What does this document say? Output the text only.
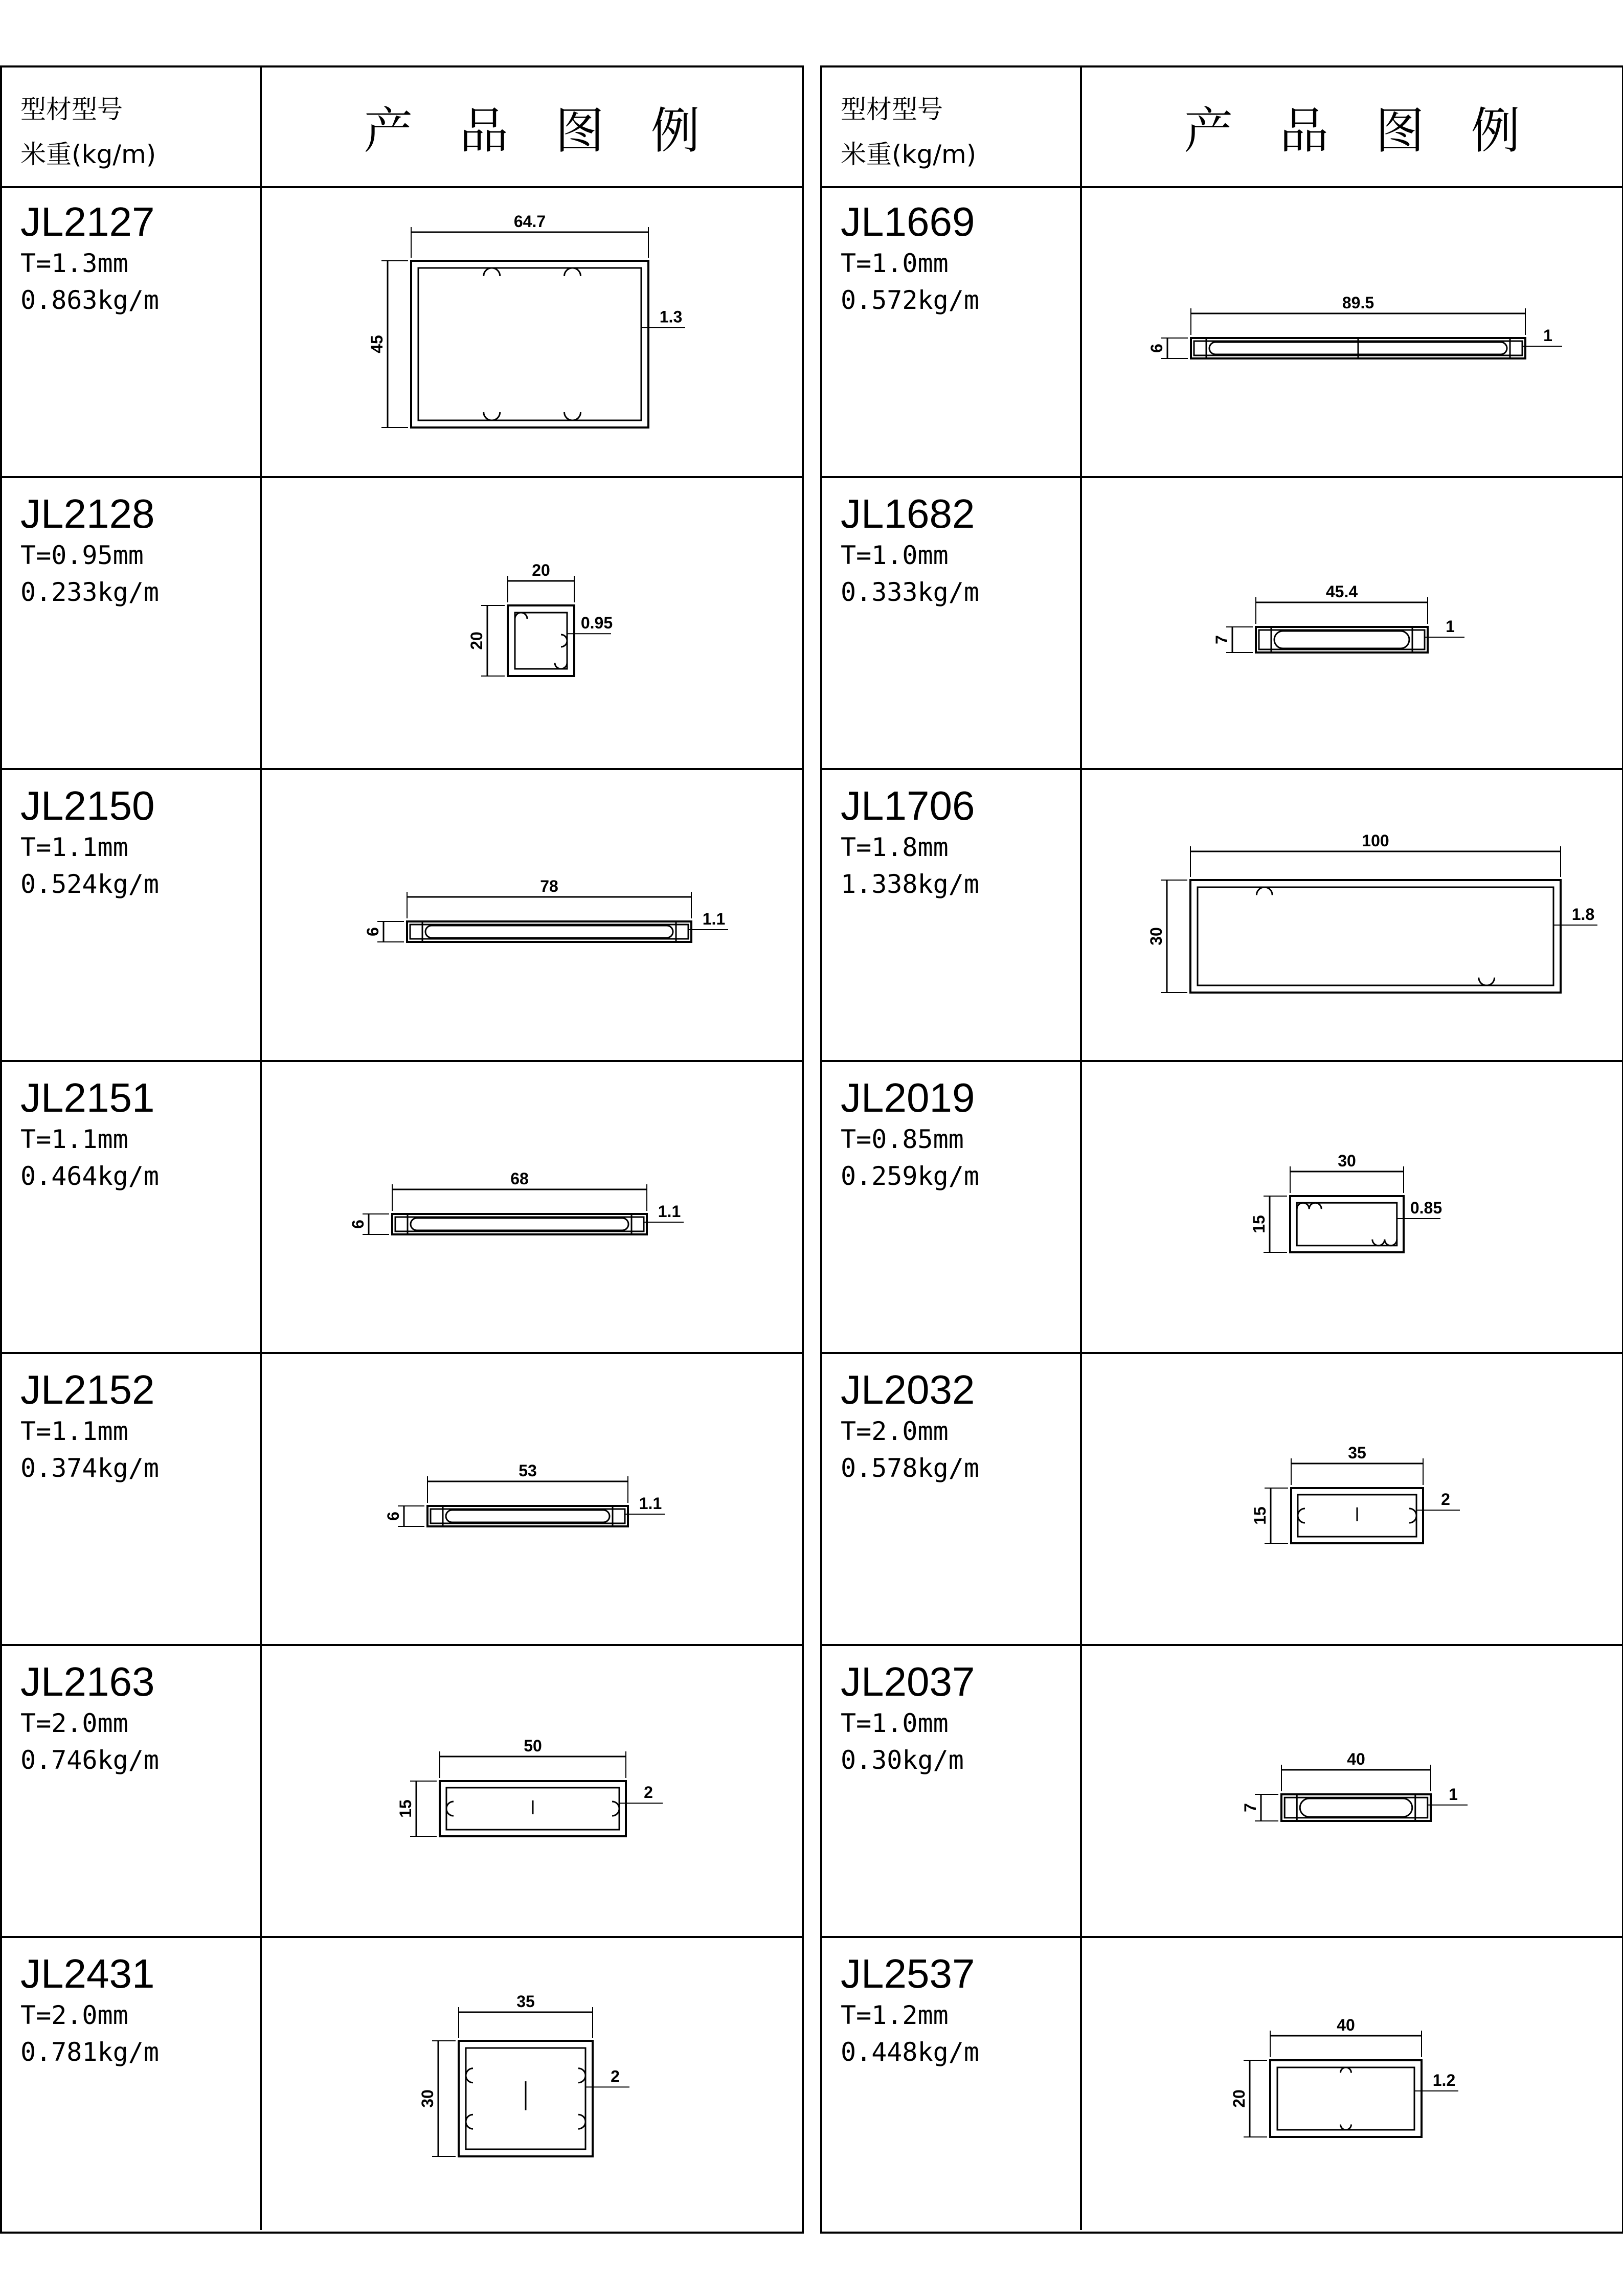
型材型号
米重(kg/m)	产品图例
JL2127
T=1.3mm
0.863kg/m
64.7
45
1.3
JL2128
T=0.95mm
0.233kg/m
20
20
0.95
JL2150
T=1.1mm
0.524kg/m	78
6
1.1
JL2151
T=1.1mm
0.464kg/m	68
6
1.1
JL2152
T=1.1mm
0.374kg/m	53
6
1.1
JL2163
T=2.0mm
0.746kg/m	50
15
2
JL2431
T=2.0mm
0.781kg/m
35
30
2
型材型号
米重(kg/m)	产品图例
JL1669
T=1.0mm
0.572kg/m	89.5
6
1
JL1682
T=1.0mm
0.333kg/m	45.4
7
1
JL1706
T=1.8mm
1.338kg/m
100
30
1.8
JL2019
T=0.85mm
0.259kg/m
30
15
0.85
JL2032
T=2.0mm
0.578kg/m
35
15
2
JL2037
T=1.0mm
0.30kg/m	40
7
1
JL2537
T=1.2mm
0.448kg/m
40
20
1.2
